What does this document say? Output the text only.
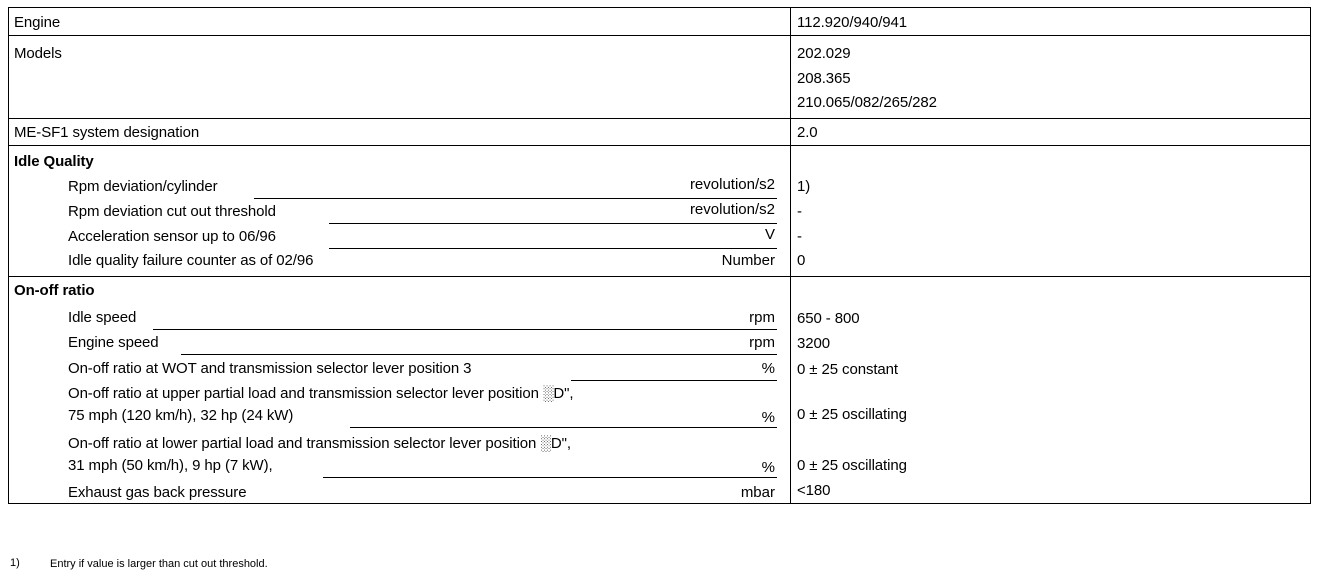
Engine	112.920/940/941
Models	202.029
208.365
210.065/082/265/282
ME-SF1 system designation	2.0
Idle Quality
Rpm deviation/cylinder	revolution/s2 1)
Rpm deviation cut out threshold	revolution/s2 -
Acceleration sensor up to 06/96	V -
Idle quality failure counter as of 02/96	Number 0
On-off ratio
Idle speed	rpm 650 - 800
Engine speed	rpm 3200
On-off ratio at WOT and transmission selector lever position 3	% 0 ± 25 constant
On-off ratio at upper partial load and transmission selector lever position ░D",
75 mph (120 km/h), 32 hp (24 kW)	% 0 ± 25 oscillating
On-off ratio at lower partial load and transmission selector lever position ░D",
31 mph (50 km/h), 9 hp (7 kW),	% 0 ± 25 oscillating
Exhaust gas back pressure	mbar <180
1)	Entry if value is larger than cut out threshold.
